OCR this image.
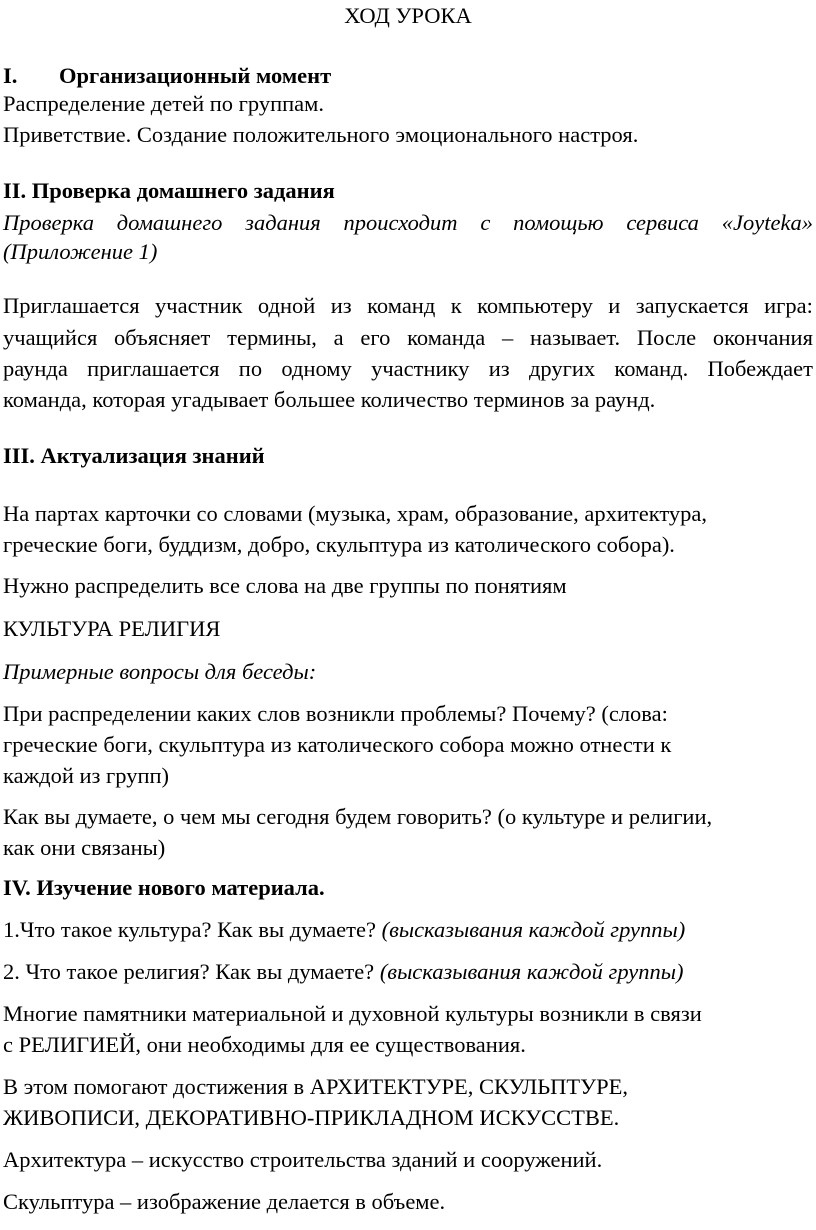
ХОД УРОКА
I.	Организационный момент
Распределение детей по группам.
Приветствие. Создание положительного эмоционального настроя.
II. Проверка домашнего задания
Проверка домашнего задания происходит с помощью сервиса «Joyteka»
(Приложение 1)
Приглашается участник одной из команд к компьютеру и запускается игра:
учащийся объясняет термины, а его команда – называет. После окончания
раунда приглашается по одному участнику из других команд. Побеждает
команда, которая угадывает большее количество терминов за раунд.
III. Актуализация знаний
На партах карточки со словами (музыка, храм, образование, архитектура,
греческие боги, буддизм, добро, скульптура из католического собора).
Нужно распределить все слова на две группы по понятиям
КУЛЬТУРА РЕЛИГИЯ
Примерные вопросы для беседы:
При распределении каких слов возникли проблемы? Почему? (слова:
греческие боги, скульптура из католического собора можно отнести к
каждой из групп)
Как вы думаете, о чем мы сегодня будем говорить? (о культуре и религии,
как они связаны)
IV. Изучение нового материала.
1.Что такое культура? Как вы думаете? (высказывания каждой группы)
2. Что такое религия? Как вы думаете? (высказывания каждой группы)
Многие памятники материальной и духовной культуры возникли в связи
с РЕЛИГИЕЙ, они необходимы для ее существования.
В этом помогают достижения в АРХИТЕКТУРЕ, СКУЛЬПТУРЕ,
ЖИВОПИСИ, ДЕКОРАТИВНО-ПРИКЛАДНОМ ИСКУССТВЕ.
Архитектура – искусство строительства зданий и сооружений.
Скульптура – изображение делается в объеме.
